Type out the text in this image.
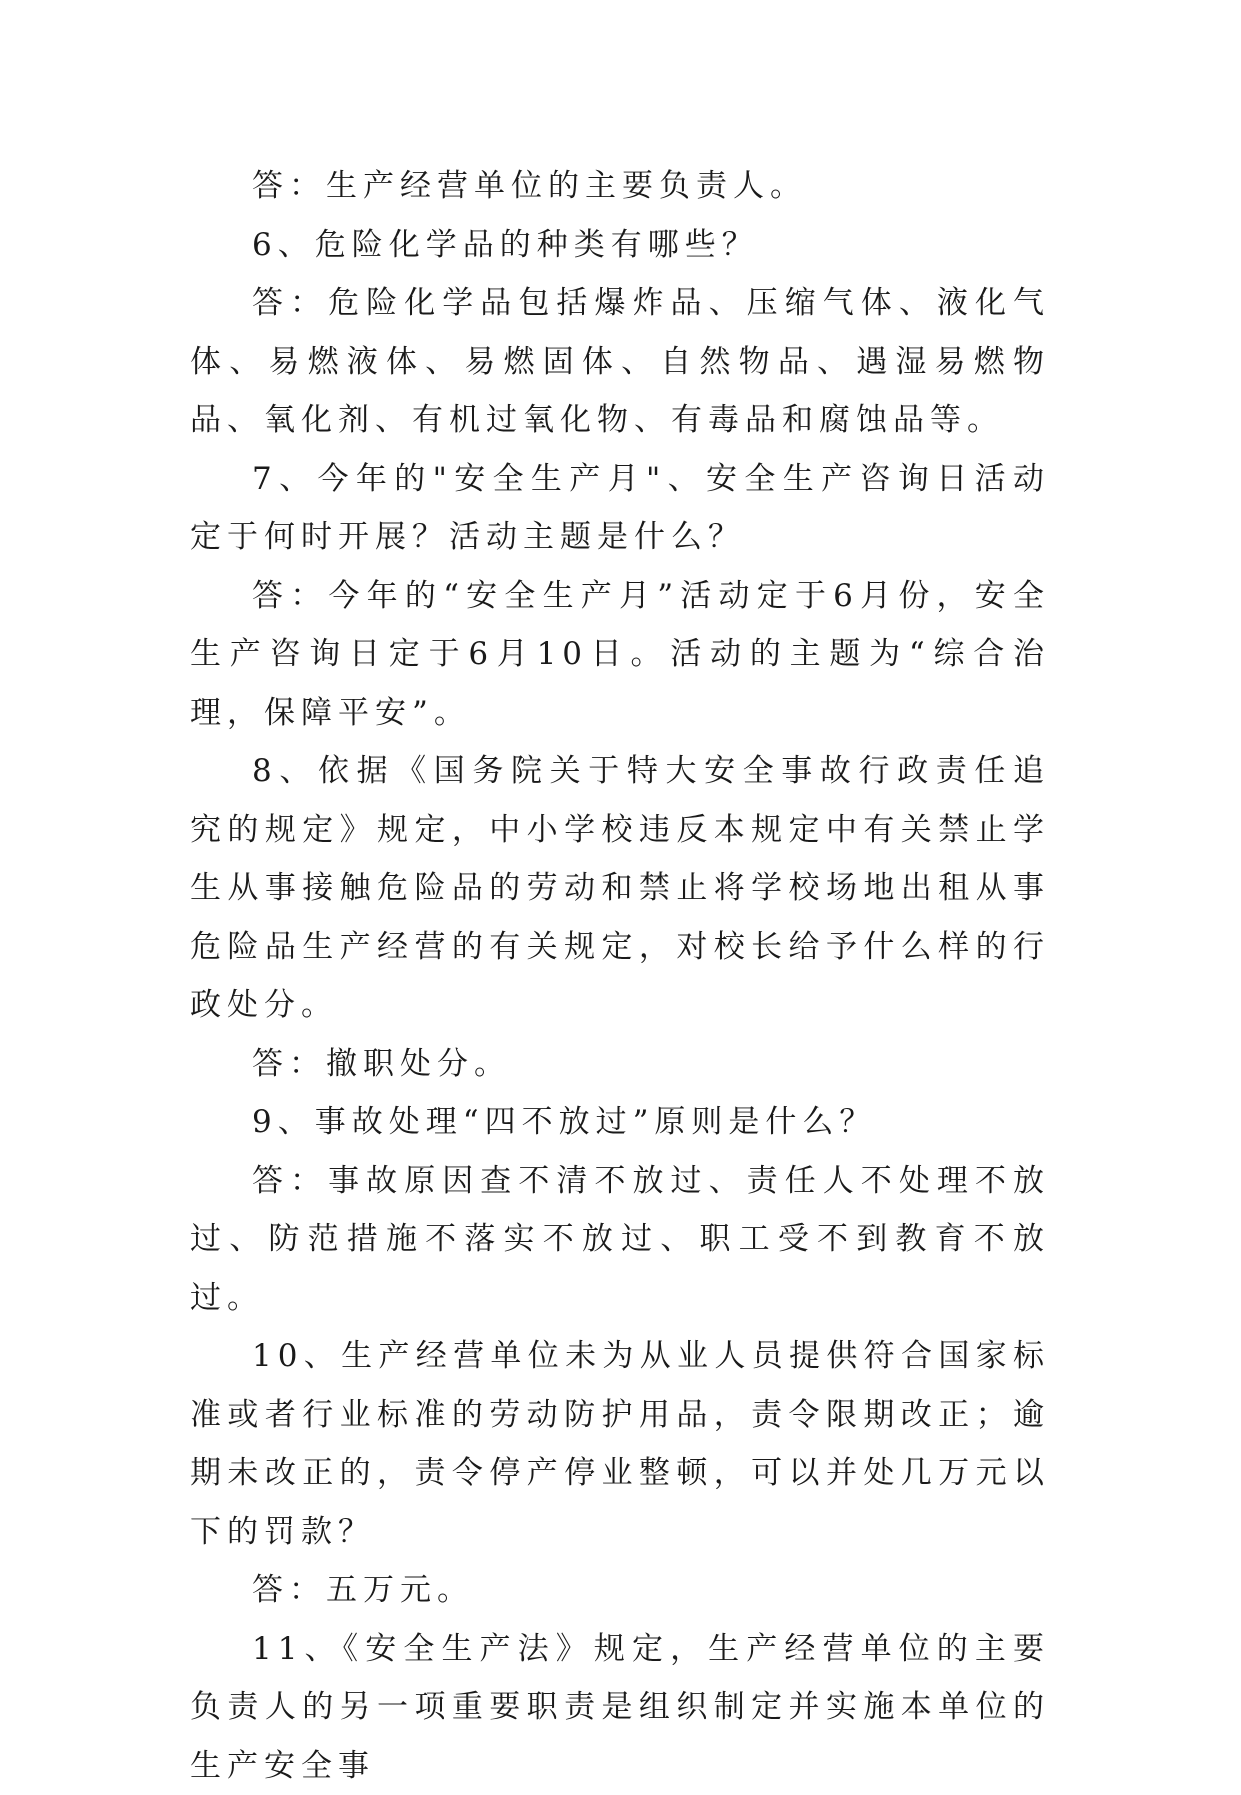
答：生产经营单位的主要负责人。

6、危险化学品的种类有哪些？

答：危险化学品包括爆炸品、压缩气体、液化气体、易燃液体、易燃固体、自然物品、遇湿易燃物品、氧化剂、有机过氧化物、有毒品和腐蚀品等。

7、今年的"安全生产月"、安全生产咨询日活动定于何时开展？活动主题是什么？

答：今年的“安全生产月”活动定于6月份，安全生产咨询日定于6月10日。活动的主题为“综合治理，保障平安”。

8、依据《国务院关于特大安全事故行政责任追究的规定》规定，中小学校违反本规定中有关禁止学生从事接触危险品的劳动和禁止将学校场地出租从事危险品生产经营的有关规定，对校长给予什么样的行政处分。

答：撤职处分。

9、事故处理“四不放过”原则是什么？

答：事故原因查不清不放过、责任人不处理不放过、防范措施不落实不放过、职工受不到教育不放过。

10、生产经营单位未为从业人员提供符合国家标准或者行业标准的劳动防护用品，责令限期改正；逾期未改正的，责令停产停业整顿，可以并处几万元以下的罚款？

答：五万元。

11、《安全生产法》规定，生产经营单位的主要负责人的另一项重要职责是组织制定并实施本单位的生产安全事
